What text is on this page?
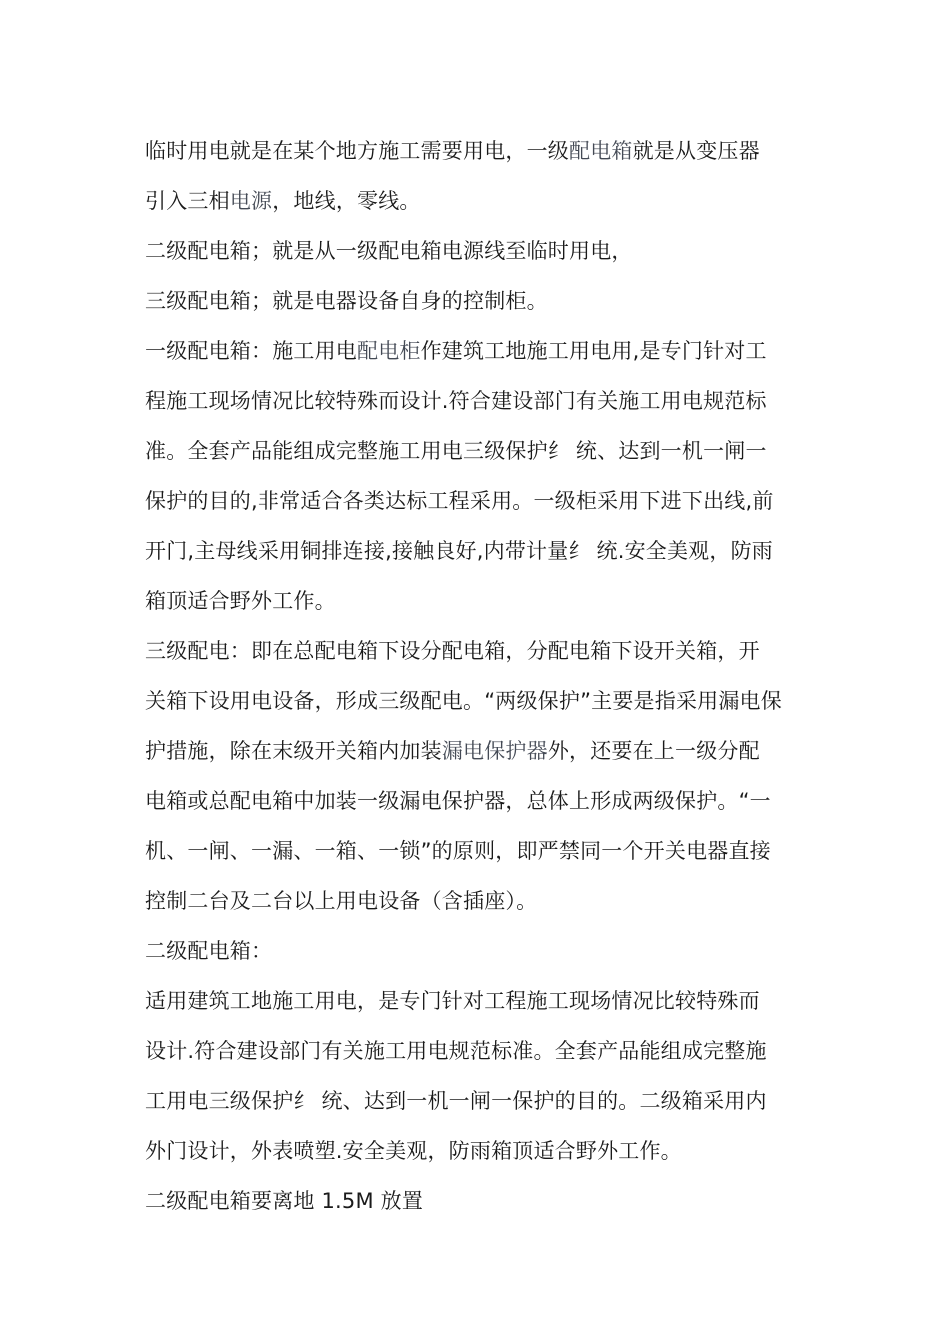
临时用电就是在某个地方施工需要用电，一级配电箱就是从变压器
引入三相电源，地线，零线。
二级配电箱；就是从一级配电箱电源线至临时用电，
三级配电箱；就是电器设备自身的控制柜。
一级配电箱：施工用电配电柜作建筑工地施工用电用,是专门针对工
程施工现场情况比较特殊而设计.符合建设部门有关施工用电规范标
准。全套产品能组成完整施工用电三级保护纟 统、达到一机一闸一
保护的目的,非常适合各类达标工程采用。一级柜采用下进下出线,前
开门,主母线采用铜排连接,接触良好,内带计量纟 统.安全美观，防雨
箱顶适合野外工作。
三级配电：即在总配电箱下设分配电箱，分配电箱下设开关箱，开
关箱下设用电设备，形成三级配电。“两级保护”主要是指采用漏电保
护措施，除在末级开关箱内加装漏电保护器外，还要在上一级分配
电箱或总配电箱中加装一级漏电保护器，总体上形成两级保护。“一
机、一闸、一漏、一箱、一锁”的原则，即严禁同一个开关电器直接
控制二台及二台以上用电设备（含插座）。
二级配电箱：
适用建筑工地施工用电，是专门针对工程施工现场情况比较特殊而
设计.符合建设部门有关施工用电规范标准。全套产品能组成完整施
工用电三级保护纟 统、达到一机一闸一保护的目的。二级箱采用内
外门设计，外表喷塑.安全美观，防雨箱顶适合野外工作。
二级配电箱要离地 1.5M 放置
